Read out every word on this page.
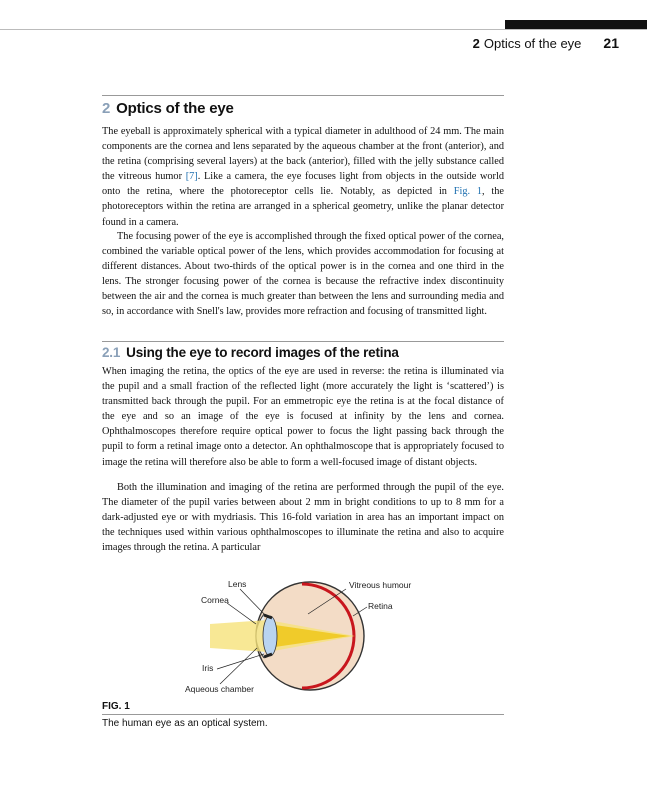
2 Optics of the eye 21
2 Optics of the eye

The eyeball is approximately spherical with a typical diameter in adulthood of 24 mm. The main components are the cornea and lens separated by the aqueous chamber at the front (anterior), and the retina (comprising several layers) at the back (anterior), filled with the jelly substance called the vitreous humor [7]. Like a camera, the eye focuses light from objects in the outside world onto the retina, where the photoreceptor cells lie. Notably, as depicted in Fig. 1, the photoreceptors within the retina are arranged in a spherical geometry, unlike the planar detector found in a camera.

The focusing power of the eye is accomplished through the fixed optical power of the cornea, combined the variable optical power of the lens, which provides accommodation for focusing at different distances. About two-thirds of the optical power is in the cornea and one third in the lens. The stronger focusing power of the cornea is because the refractive index discontinuity between the air and the cornea is much greater than between the lens and surrounding media and so, in accordance with Snell's law, provides more refraction and focusing of transmitted light.

2.1 Using the eye to record images of the retina

When imaging the retina, the optics of the eye are used in reverse: the retina is illuminated via the pupil and a small fraction of the reflected light (more accurately the light is ‘scattered’) is transmitted back through the pupil. For an emmetropic eye the retina is at the focal distance of the eye and so an image of the eye is focused at infinity by the lens and cornea. Ophthalmoscopes therefore require optical power to focus the light passing back through the pupil to form a retinal image onto a detector. An ophthalmoscope that is appropriately focused to image the retina will therefore also be able to form a well-focused image of distant objects.

Both the illumination and imaging of the retina are performed through the pupil of the eye. The diameter of the pupil varies between about 2 mm in bright conditions to up to 8 mm for a dark-adjusted eye or with mydriasis. This 16-fold variation in area has an important impact on the techniques used within various ophthalmoscopes to illuminate the retina and also to acquire images through the retina. A particular

Lens
Cornea
Iris
Aqueous chamber
Vitreous humour
Retina

FIG. 1

The human eye as an optical system.
